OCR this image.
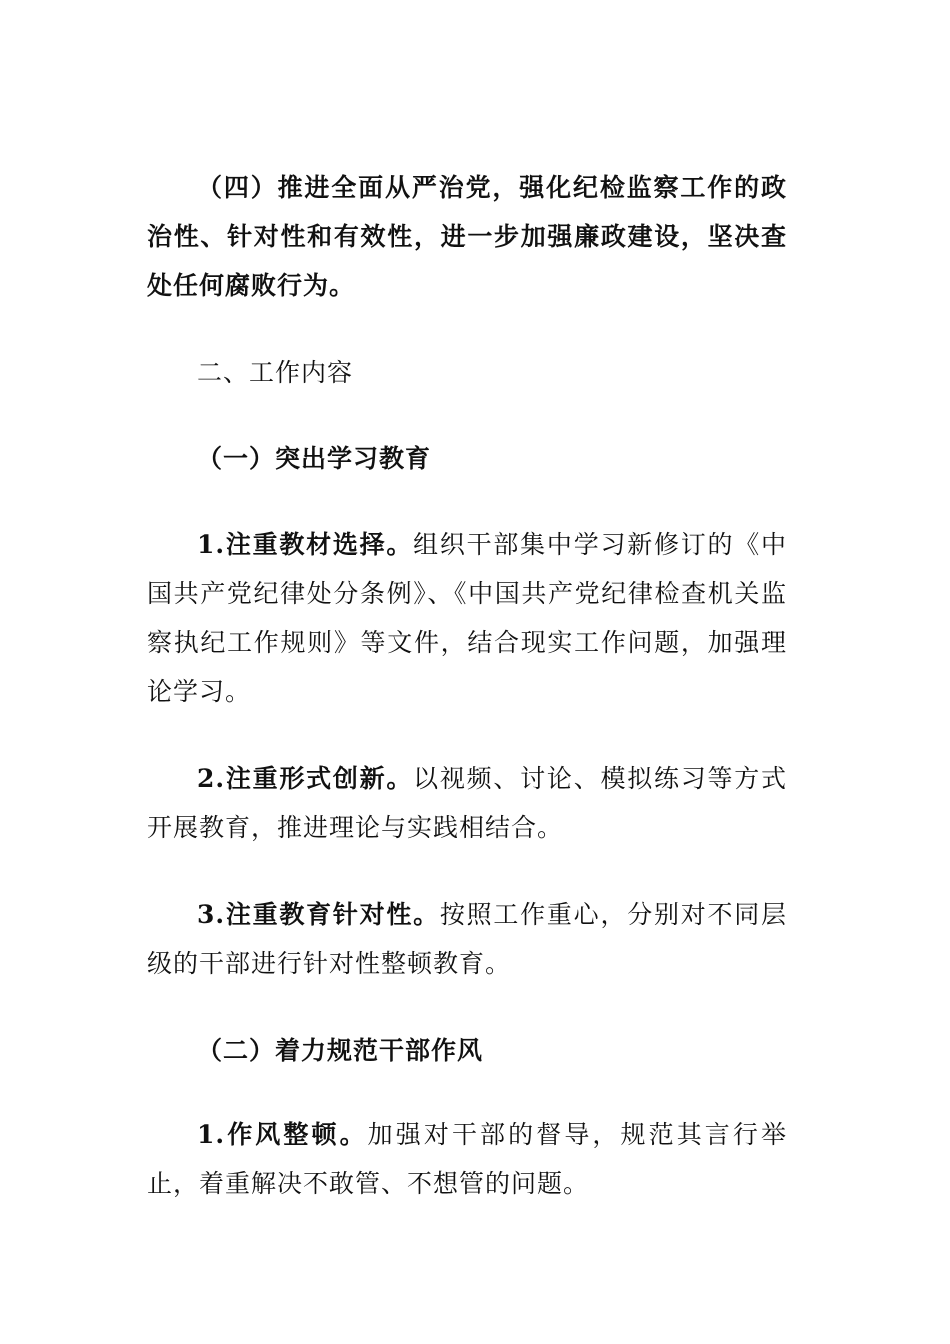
（四）推进全面从严治党，强化纪检监察工作的政治性、针对性和有效性，进一步加强廉政建设，坚决查处任何腐败行为。

二、工作内容

（一）突出学习教育

1.注重教材选择。组织干部集中学习新修订的《中国共产党纪律处分条例》、《中国共产党纪律检查机关监察执纪工作规则》等文件，结合现实工作问题，加强理论学习。

2.注重形式创新。以视频、讨论、模拟练习等方式开展教育，推进理论与实践相结合。

3.注重教育针对性。按照工作重心，分别对不同层级的干部进行针对性整顿教育。

（二）着力规范干部作风

1.作风整顿。加强对干部的督导，规范其言行举止，着重解决不敢管、不想管的问题。
